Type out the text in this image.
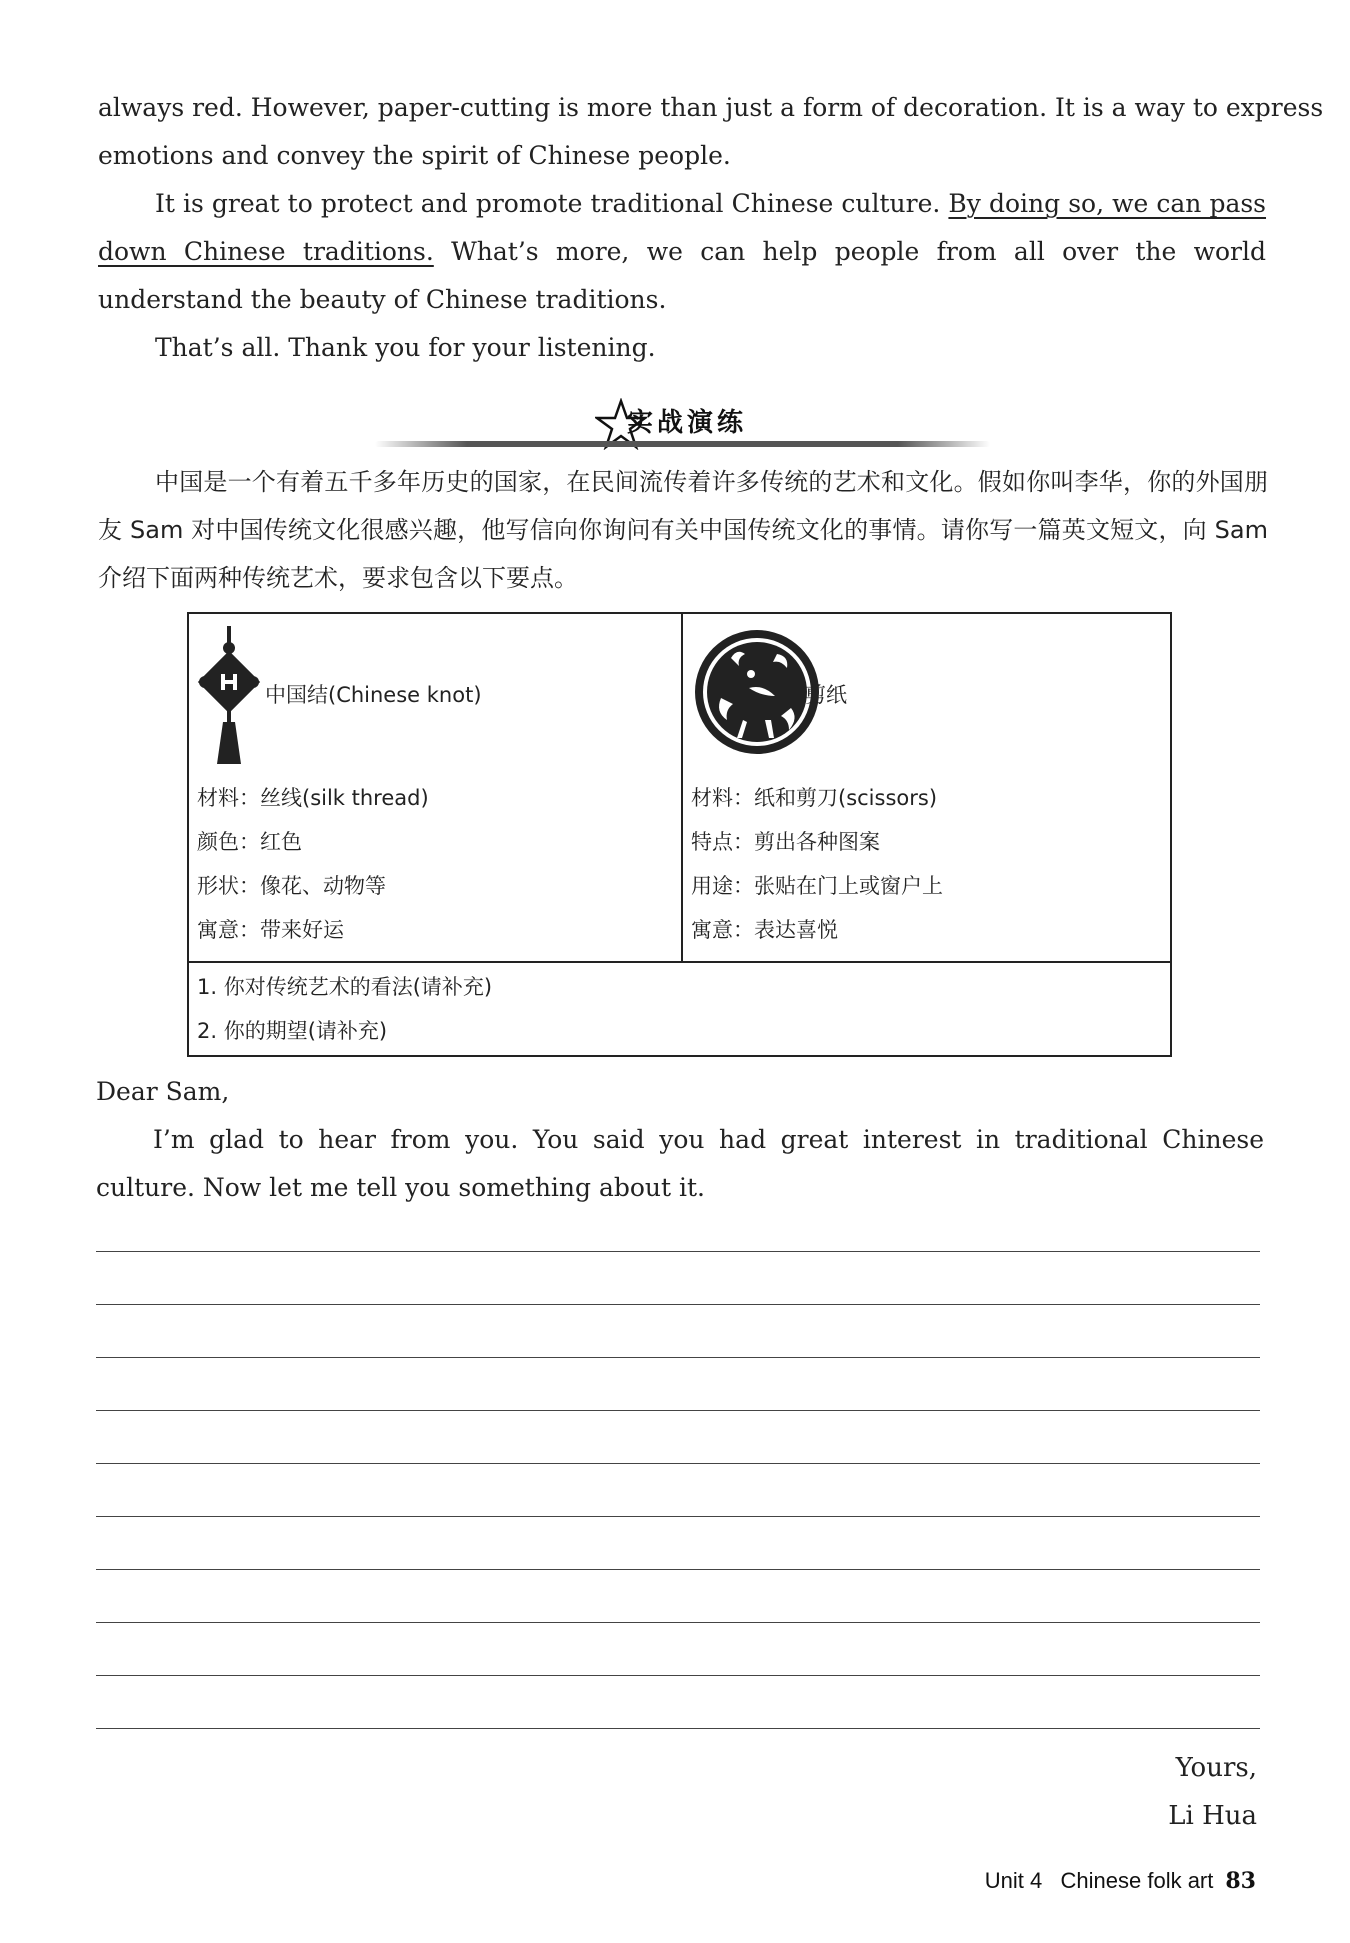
always red. However, paper-cutting is more than just a form of decoration. It is a way to express

emotions and convey the spirit of Chinese people.

It is great to protect and promote traditional Chinese culture. By doing so, we can pass down Chinese traditions. What’s more, we can help people from all over the world understand the beauty of Chinese traditions.

That’s all. Thank you for your listening.

实战演练

中国是一个有着五千多年历史的国家，在民间流传着许多传统的艺术和文化。假如你叫李华，你的外国朋友 Sam 对中国传统文化很感兴趣，他写信向你询问有关中国传统文化的事情。请你写一篇英文短文，向 Sam 介绍下面两种传统艺术，要求包含以下要点。

中国结(Chinese knot)
材料：丝线(silk thread)
颜色：红色
形状：像花、动物等
寓意：带来好运
剪纸
材料：纸和剪刀(scissors)
特点：剪出各种图案
用途：张贴在门上或窗户上
寓意：表达喜悦
1. 你对传统艺术的看法(请补充)
2. 你的期望(请补充)

Dear Sam,

I’m glad to hear from you. You said you had great interest in traditional Chinese culture. Now let me tell you something about it.

Yours,
Li Hua
Unit 4   Chinese folk art 83
